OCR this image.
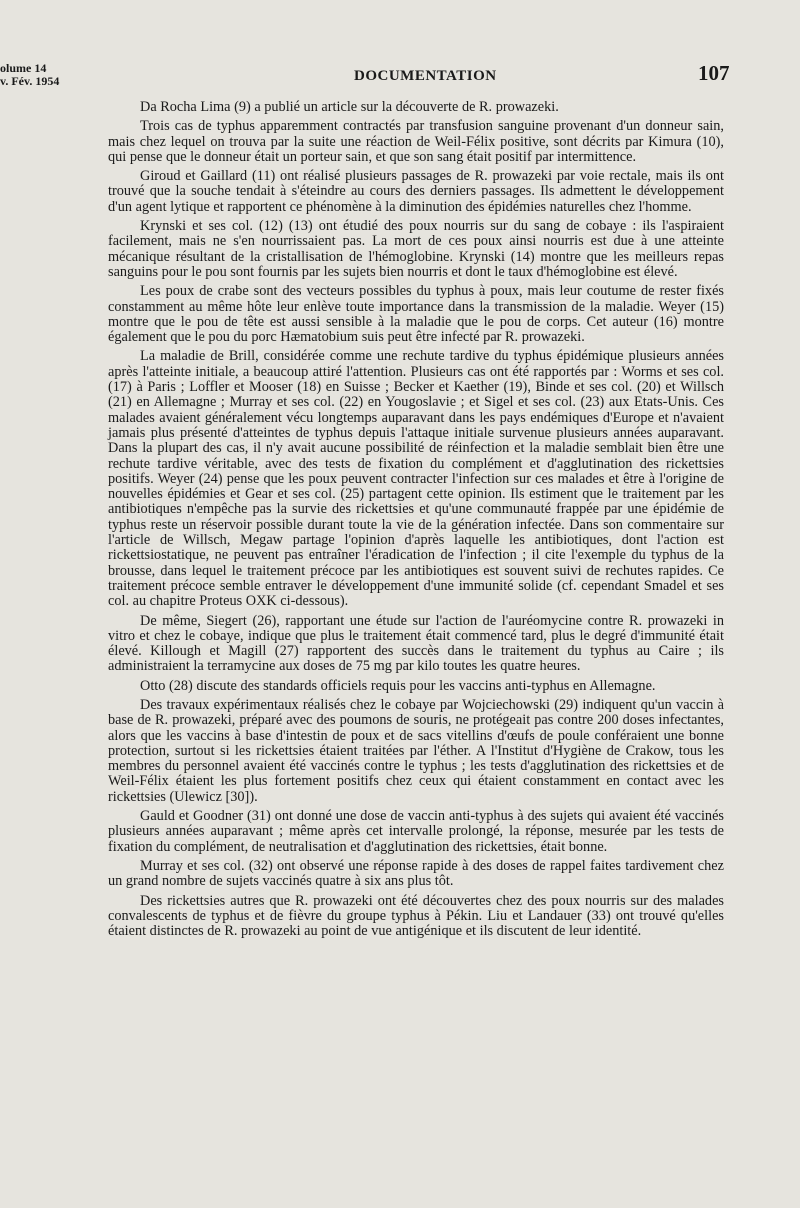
olume 14
v. Fév. 1954	DOCUMENTATION	107

Da Rocha Lima (9) a publié un article sur la découverte de R. prowazeki.

Trois cas de typhus apparemment contractés par transfusion sanguine provenant d'un donneur sain, mais chez lequel on trouva par la suite une réaction de Weil-Félix positive, sont décrits par Kimura (10), qui pense que le donneur était un porteur sain, et que son sang était positif par intermittence.

Giroud et Gaillard (11) ont réalisé plusieurs passages de R. prowazeki par voie rectale, mais ils ont trouvé que la souche tendait à s'éteindre au cours des derniers passages. Ils admettent le développement d'un agent lytique et rapportent ce phénomène à la diminution des épidémies naturelles chez l'homme.

Krynski et ses col. (12) (13) ont étudié des poux nourris sur du sang de cobaye : ils l'aspiraient facilement, mais ne s'en nourrissaient pas. La mort de ces poux ainsi nourris est due à une atteinte mécanique résultant de la cristallisation de l'hémoglobine. Krynski (14) montre que les meilleurs repas sanguins pour le pou sont fournis par les sujets bien nourris et dont le taux d'hémoglobine est élevé.

Les poux de crabe sont des vecteurs possibles du typhus à poux, mais leur coutume de rester fixés constamment au même hôte leur enlève toute importance dans la transmission de la maladie. Weyer (15) montre que le pou de tête est aussi sensible à la maladie que le pou de corps. Cet auteur (16) montre également que le pou du porc Hæmatobium suis peut être infecté par R. prowazeki.

La maladie de Brill, considérée comme une rechute tardive du typhus épidémique plusieurs années après l'atteinte initiale, a beaucoup attiré l'attention. Plusieurs cas ont été rapportés par : Worms et ses col. (17) à Paris ; Loffler et Mooser (18) en Suisse ; Becker et Kaether (19), Binde et ses col. (20) et Willsch (21) en Allemagne ; Murray et ses col. (22) en Yougoslavie ; et Sigel et ses col. (23) aux Etats-Unis. Ces malades avaient généralement vécu longtemps auparavant dans les pays endémiques d'Europe et n'avaient jamais plus présenté d'atteintes de typhus depuis l'attaque initiale survenue plusieurs années auparavant. Dans la plupart des cas, il n'y avait aucune possibilité de réinfection et la maladie semblait bien être une rechute tardive véritable, avec des tests de fixation du complément et d'agglutination des rickettsies positifs. Weyer (24) pense que les poux peuvent contracter l'infection sur ces malades et être à l'origine de nouvelles épidémies et Gear et ses col. (25) partagent cette opinion. Ils estiment que le traitement par les antibiotiques n'empêche pas la survie des rickettsies et qu'une communauté frappée par une épidémie de typhus reste un réservoir possible durant toute la vie de la génération infectée. Dans son commentaire sur l'article de Willsch, Megaw partage l'opinion d'après laquelle les antibiotiques, dont l'action est rickettsiostatique, ne peuvent pas entraîner l'éradication de l'infection ; il cite l'exemple du typhus de la brousse, dans lequel le traitement précoce par les antibiotiques est souvent suivi de rechutes rapides. Ce traitement précoce semble entraver le développement d'une immunité solide (cf. cependant Smadel et ses col. au chapitre Proteus OXK ci-dessous).

De même, Siegert (26), rapportant une étude sur l'action de l'auréomycine contre R. prowazeki in vitro et chez le cobaye, indique que plus le traitement était commencé tard, plus le degré d'immunité était élevé. Killough et Magill (27) rapportent des succès dans le traitement du typhus au Caire ; ils administraient la terramycine aux doses de 75 mg par kilo toutes les quatre heures.

Otto (28) discute des standards officiels requis pour les vaccins anti-typhus en Allemagne.

Des travaux expérimentaux réalisés chez le cobaye par Wojciechowski (29) indiquent qu'un vaccin à base de R. prowazeki, préparé avec des poumons de souris, ne protégeait pas contre 200 doses infectantes, alors que les vaccins à base d'intestin de poux et de sacs vitellins d'œufs de poule conféraient une bonne protection, surtout si les rickettsies étaient traitées par l'éther. A l'Institut d'Hygiène de Crakow, tous les membres du personnel avaient été vaccinés contre le typhus ; les tests d'agglutination des rickettsies et de Weil-Félix étaient les plus fortement positifs chez ceux qui étaient constamment en contact avec les rickettsies (Ulewicz [30]).

Gauld et Goodner (31) ont donné une dose de vaccin anti-typhus à des sujets qui avaient été vaccinés plusieurs années auparavant ; même après cet intervalle prolongé, la réponse, mesurée par les tests de fixation du complément, de neutralisation et d'agglutination des rickettsies, était bonne.

Murray et ses col. (32) ont observé une réponse rapide à des doses de rappel faites tardivement chez un grand nombre de sujets vaccinés quatre à six ans plus tôt.

Des rickettsies autres que R. prowazeki ont été découvertes chez des poux nourris sur des malades convalescents de typhus et de fièvre du groupe typhus à Pékin. Liu et Landauer (33) ont trouvé qu'elles étaient distinctes de R. prowazeki au point de vue antigénique et ils discutent de leur identité.
